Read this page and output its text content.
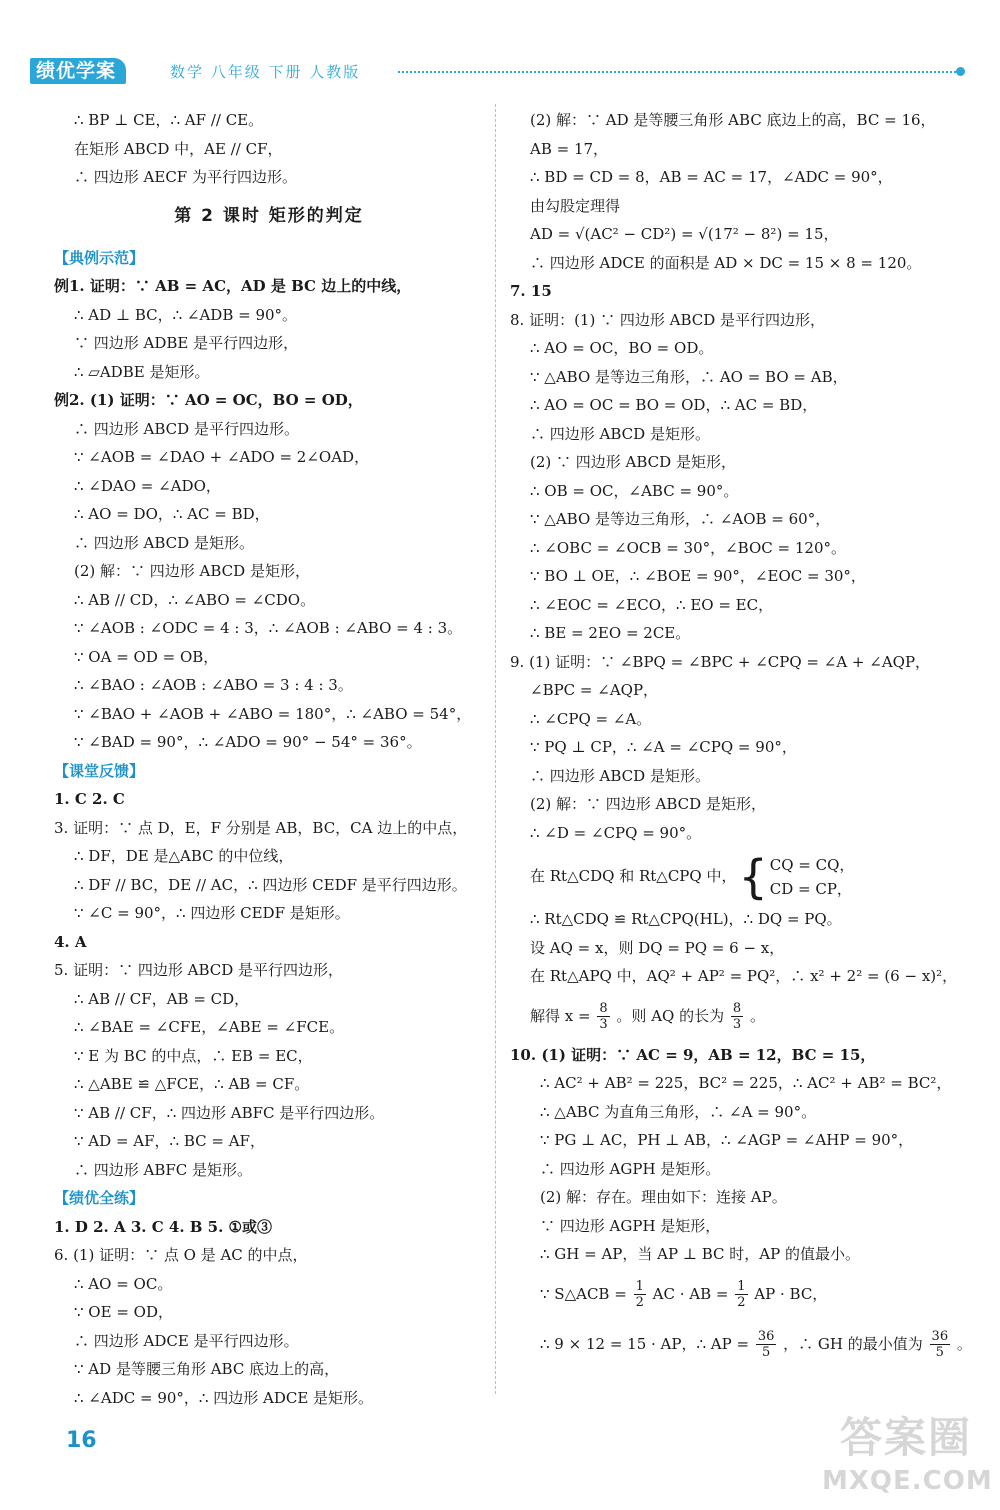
绩优学案	数学 八年级 下册 人教版
∴ BP ⊥ CE，∴ AF // CE。
在矩形 ABCD 中，AE // CF，
∴ 四边形 AECF 为平行四边形。
第 2 课时 矩形的判定
【典例示范】
例1. 证明：∵ AB = AC，AD 是 BC 边上的中线，
∴ AD ⊥ BC，∴ ∠ADB = 90°。
∵ 四边形 ADBE 是平行四边形，
∴ ▱ADBE 是矩形。
例2. (1) 证明：∵ AO = OC，BO = OD，
∴ 四边形 ABCD 是平行四边形。
∵ ∠AOB = ∠DAO + ∠ADO = 2∠OAD，
∴ ∠DAO = ∠ADO，
∴ AO = DO，∴ AC = BD，
∴ 四边形 ABCD 是矩形。
(2) 解：∵ 四边形 ABCD 是矩形，
∴ AB // CD，∴ ∠ABO = ∠CDO。
∵ ∠AOB : ∠ODC = 4 : 3，∴ ∠AOB : ∠ABO = 4 : 3。
∵ OA = OD = OB，
∴ ∠BAO : ∠AOB : ∠ABO = 3 : 4 : 3。
∵ ∠BAO + ∠AOB + ∠ABO = 180°，∴ ∠ABO = 54°，
∵ ∠BAD = 90°，∴ ∠ADO = 90° − 54° = 36°。
【课堂反馈】
1. C 2. C
3. 证明：∵ 点 D，E，F 分别是 AB，BC，CA 边上的中点，
∴ DF，DE 是△ABC 的中位线，
∴ DF // BC，DE // AC，∴ 四边形 CEDF 是平行四边形。
∵ ∠C = 90°，∴ 四边形 CEDF 是矩形。
4. A
5. 证明：∵ 四边形 ABCD 是平行四边形，
∴ AB // CF，AB = CD，
∴ ∠BAE = ∠CFE，∠ABE = ∠FCE。
∵ E 为 BC 的中点，∴ EB = EC，
∴ △ABE ≌ △FCE，∴ AB = CF。
∵ AB // CF，∴ 四边形 ABFC 是平行四边形。
∵ AD = AF，∴ BC = AF，
∴ 四边形 ABFC 是矩形。
【绩优全练】
1. D 2. A 3. C 4. B 5. ①或③
6. (1) 证明：∵ 点 O 是 AC 的中点，
∴ AO = OC。
∵ OE = OD，
∴ 四边形 ADCE 是平行四边形。
∵ AD 是等腰三角形 ABC 底边上的高，
∴ ∠ADC = 90°，∴ 四边形 ADCE 是矩形。
(2) 解：∵ AD 是等腰三角形 ABC 底边上的高，BC = 16，
AB = 17，
∴ BD = CD = 8，AB = AC = 17，∠ADC = 90°，
由勾股定理得
AD = √(AC² − CD²) = √(17² − 8²) = 15，
∴ 四边形 ADCE 的面积是 AD × DC = 15 × 8 = 120。
7. 15
8. 证明：(1) ∵ 四边形 ABCD 是平行四边形，
∴ AO = OC，BO = OD。
∵ △ABO 是等边三角形，∴ AO = BO = AB，
∴ AO = OC = BO = OD，∴ AC = BD，
∴ 四边形 ABCD 是矩形。
(2) ∵ 四边形 ABCD 是矩形，
∴ OB = OC，∠ABC = 90°。
∵ △ABO 是等边三角形，∴ ∠AOB = 60°，
∴ ∠OBC = ∠OCB = 30°，∠BOC = 120°。
∵ BO ⊥ OE，∴ ∠BOE = 90°，∠EOC = 30°，
∴ ∠EOC = ∠ECO，∴ EO = EC，
∴ BE = 2EO = 2CE。
9. (1) 证明：∵ ∠BPQ = ∠BPC + ∠CPQ = ∠A + ∠AQP，
∠BPC = ∠AQP，
∴ ∠CPQ = ∠A。
∵ PQ ⊥ CP，∴ ∠A = ∠CPQ = 90°，
∴ 四边形 ABCD 是矩形。
(2) 解：∵ 四边形 ABCD 是矩形，
∴ ∠D = ∠CPQ = 90°。
在 Rt△CDQ 和 Rt△CPQ 中，{ CQ = CQ，
CD = CP，
∴ Rt△CDQ ≌ Rt△CPQ(HL)，∴ DQ = PQ。
设 AQ = x，则 DQ = PQ = 6 − x，
在 Rt△APQ 中，AQ² + AP² = PQ²，∴ x² + 2² = (6 − x)²，
解得 $x = \frac{8}{3}$ 。则 AQ 的长为 $\frac{8}{3}$ 。
10. (1) 证明：∵ AC = 9，AB = 12，BC = 15，
∴ AC² + AB² = 225，BC² = 225，∴ AC² + AB² = BC²，
∴ △ABC 为直角三角形，∴ ∠A = 90°。
∵ PG ⊥ AC，PH ⊥ AB，∴ ∠AGP = ∠AHP = 90°，
∴ 四边形 AGPH 是矩形。
(2) 解：存在。理由如下：连接 AP。
∵ 四边形 AGPH 是矩形，
∴ GH = AP，当 AP ⊥ BC 时，AP 的值最小。
∵ S△ACB = $\frac{1}{2}$ AC · AB = $\frac{1}{2}$ AP · BC，
∴ 9 × 12 = 15 · AP，∴ AP = $\frac{36}{5}$ ，∴ GH 的最小值为 $\frac{36}{5}$ 。
16	答案圈
MXQE.COM
